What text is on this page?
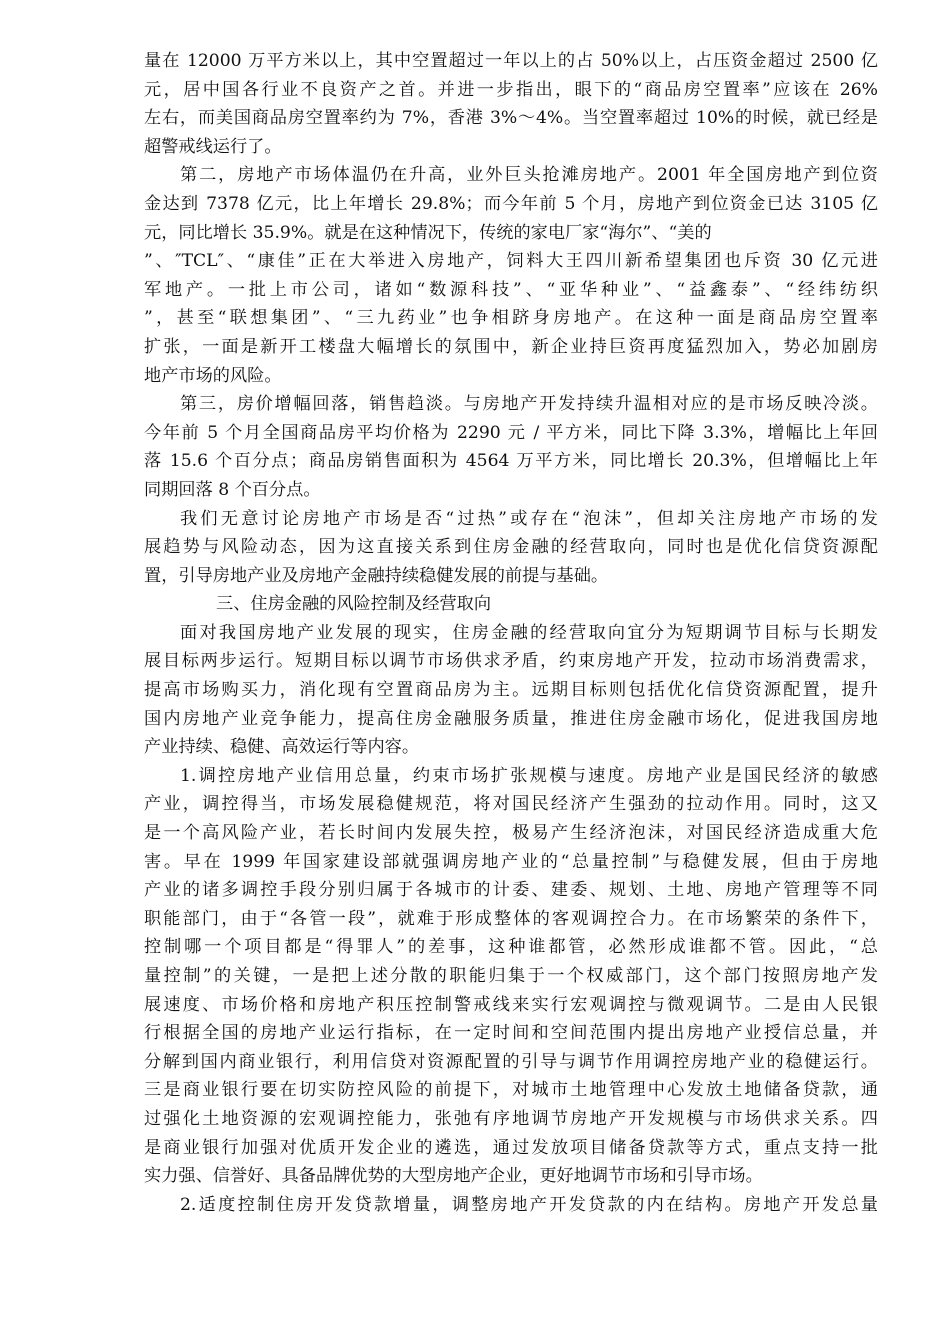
量在 12000 万平方米以上，其中空置超过一年以上的占 50%以上，占压资金超过 2500 亿
元，居中国各行业不良资产之首。并进一步指出，眼下的“商品房空置率”应该在 26%
左右，而美国商品房空置率约为 7%，香港 3%～4%。当空置率超过 10%的时候，就已经是
超警戒线运行了。
第二，房地产市场体温仍在升高，业外巨头抢滩房地产。2001 年全国房地产到位资
金达到 7378 亿元，比上年增长 29.8%；而今年前 5 个月，房地产到位资金已达 3105 亿
元，同比增长 35.9%。就是在这种情况下，传统的家电厂家“海尔”、“美的
”、″TCL″、“康佳”正在大举进入房地产，饲料大王四川新希望集团也斥资 30 亿元进
军地产。一批上市公司，诸如“数源科技”、“亚华种业”、“益鑫泰”、“经纬纺织
”，甚至“联想集团”、“三九药业”也争相跻身房地产。在这种一面是商品房空置率
扩张，一面是新开工楼盘大幅增长的氛围中，新企业持巨资再度猛烈加入，势必加剧房
地产市场的风险。
第三，房价增幅回落，销售趋淡。与房地产开发持续升温相对应的是市场反映冷淡。
今年前 5 个月全国商品房平均价格为 2290 元 / 平方米，同比下降 3.3%，增幅比上年回
落 15.6 个百分点；商品房销售面积为 4564 万平方米，同比增长 20.3%，但增幅比上年
同期回落 8 个百分点。
我们无意讨论房地产市场是否“过热”或存在“泡沫”，但却关注房地产市场的发
展趋势与风险动态，因为这直接关系到住房金融的经营取向，同时也是优化信贷资源配
置，引导房地产业及房地产金融持续稳健发展的前提与基础。
三、住房金融的风险控制及经营取向
面对我国房地产业发展的现实，住房金融的经营取向宜分为短期调节目标与长期发
展目标两步运行。短期目标以调节市场供求矛盾，约束房地产开发，拉动市场消费需求，
提高市场购买力，消化现有空置商品房为主。远期目标则包括优化信贷资源配置，提升
国内房地产业竞争能力，提高住房金融服务质量，推进住房金融市场化，促进我国房地
产业持续、稳健、高效运行等内容。
1.调控房地产业信用总量，约束市场扩张规模与速度。房地产业是国民经济的敏感
产业，调控得当，市场发展稳健规范，将对国民经济产生强劲的拉动作用。同时，这又
是一个高风险产业，若长时间内发展失控，极易产生经济泡沫，对国民经济造成重大危
害。早在 1999 年国家建设部就强调房地产业的“总量控制”与稳健发展，但由于房地
产业的诸多调控手段分别归属于各城市的计委、建委、规划、土地、房地产管理等不同
职能部门，由于“各管一段”，就难于形成整体的客观调控合力。在市场繁荣的条件下，
控制哪一个项目都是“得罪人”的差事，这种谁都管，必然形成谁都不管。因此，“总
量控制”的关键，一是把上述分散的职能归集于一个权威部门，这个部门按照房地产发
展速度、市场价格和房地产积压控制警戒线来实行宏观调控与微观调节。二是由人民银
行根据全国的房地产业运行指标，在一定时间和空间范围内提出房地产业授信总量，并
分解到国内商业银行，利用信贷对资源配置的引导与调节作用调控房地产业的稳健运行。
三是商业银行要在切实防控风险的前提下，对城市土地管理中心发放土地储备贷款，通
过强化土地资源的宏观调控能力，张弛有序地调节房地产开发规模与市场供求关系。四
是商业银行加强对优质开发企业的遴选，通过发放项目储备贷款等方式，重点支持一批
实力强、信誉好、具备品牌优势的大型房地产企业，更好地调节市场和引导市场。
2.适度控制住房开发贷款增量，调整房地产开发贷款的内在结构。房地产开发总量
